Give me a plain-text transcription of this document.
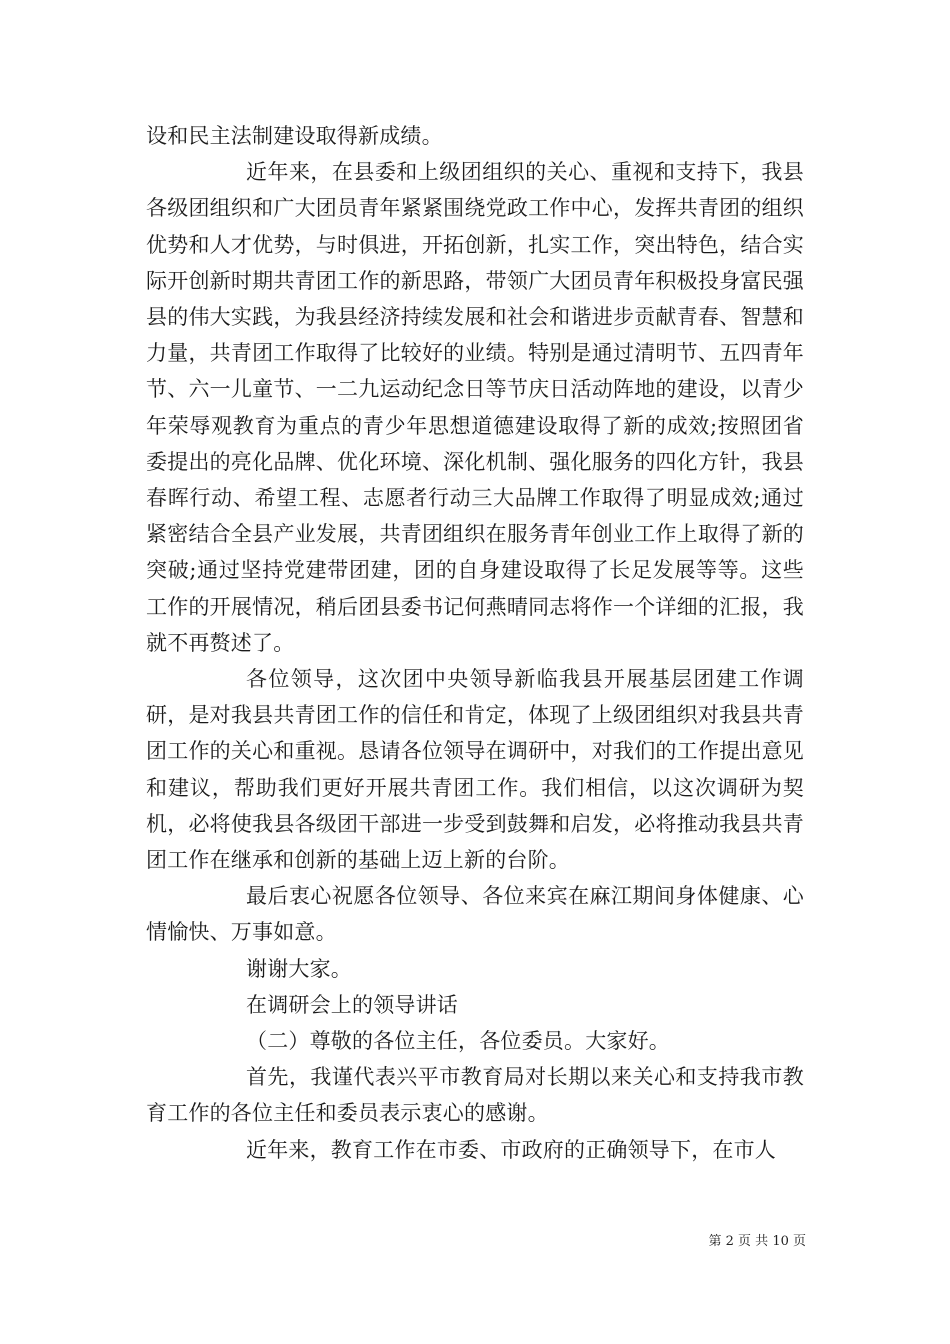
设和民主法制建设取得新成绩。

近年来，在县委和上级团组织的关心、重视和支持下，我县各级团组织和广大团员青年紧紧围绕党政工作中心，发挥共青团的组织优势和人才优势，与时俱进，开拓创新，扎实工作，突出特色，结合实际开创新时期共青团工作的新思路，带领广大团员青年积极投身富民强县的伟大实践，为我县经济持续发展和社会和谐进步贡献青春、智慧和力量，共青团工作取得了比较好的业绩。特别是通过清明节、五四青年节、六一儿童节、一二九运动纪念日等节庆日活动阵地的建设，以青少年荣辱观教育为重点的青少年思想道德建设取得了新的成效;按照团省委提出的亮化品牌、优化环境、深化机制、强化服务的四化方针，我县春晖行动、希望工程、志愿者行动三大品牌工作取得了明显成效;通过紧密结合全县产业发展，共青团组织在服务青年创业工作上取得了新的突破;通过坚持党建带团建，团的自身建设取得了长足发展等等。这些工作的开展情况，稍后团县委书记何燕晴同志将作一个详细的汇报，我就不再赘述了。

各位领导，这次团中央领导新临我县开展基层团建工作调研，是对我县共青团工作的信任和肯定，体现了上级团组织对我县共青团工作的关心和重视。恳请各位领导在调研中，对我们的工作提出意见和建议，帮助我们更好开展共青团工作。我们相信，以这次调研为契机，必将使我县各级团干部进一步受到鼓舞和启发，必将推动我县共青团工作在继承和创新的基础上迈上新的台阶。

最后衷心祝愿各位领导、各位来宾在麻江期间身体健康、心情愉快、万事如意。

谢谢大家。

在调研会上的领导讲话

（二）尊敬的各位主任，各位委员。大家好。

首先，我谨代表兴平市教育局对长期以来关心和支持我市教育工作的各位主任和委员表示衷心的感谢。

近年来，教育工作在市委、市政府的正确领导下，在市人

第 2 页 共 10 页
